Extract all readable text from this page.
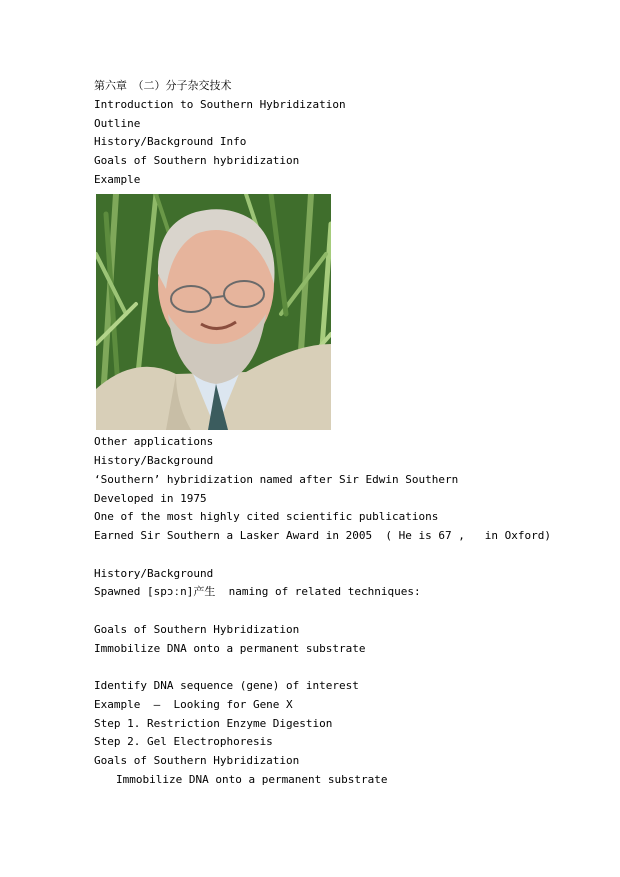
第六章　（二）分子杂交技术
Introduction to Southern Hybridization
Outline
History/Background Info
Goals of Southern hybridization
Example
Other applications
History/Background
‘Southern’ hybridization named after Sir Edwin Southern
Developed in 1975
One of the most highly cited scientific publications
Earned Sir Southern a Lasker Award in 2005  ( He is 67 ,   in Oxford)
History/Background
Spawned [spɔːn]产生  naming of related techniques:
Goals of Southern Hybridization
Immobilize DNA onto a permanent substrate
Identify DNA sequence (gene) of interest
Example  –  Looking for Gene X
Step 1. Restriction Enzyme Digestion
Step 2. Gel Electrophoresis
Goals of Southern Hybridization
Immobilize DNA onto a permanent substrate
